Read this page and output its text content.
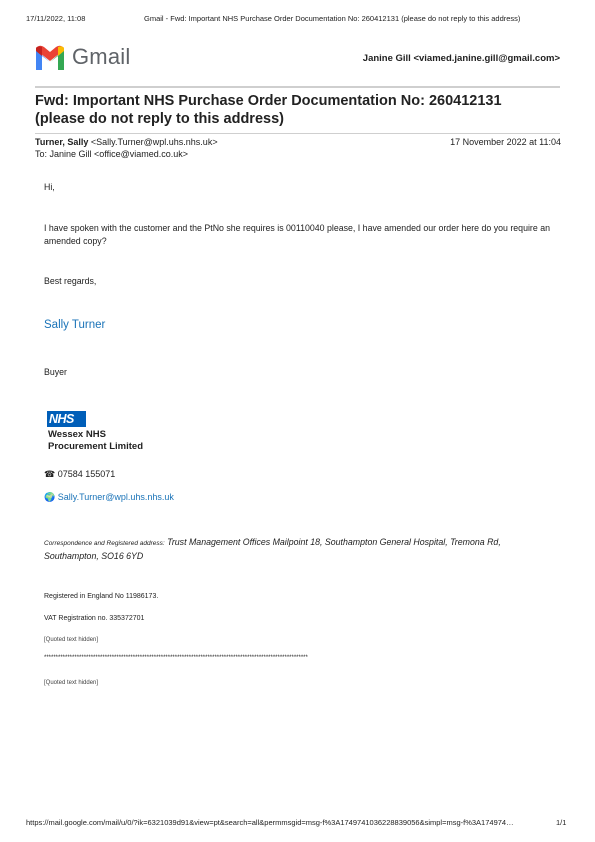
17/11/2022, 11:08	Gmail - Fwd: Important NHS Purchase Order Documentation No: 260412131 (please do not reply to this address)
Gmail	Janine Gill <viamed.janine.gill@gmail.com>
Fwd: Important NHS Purchase Order Documentation No: 260412131 (please do not reply to this address)
Turner, Sally <Sally.Turner@wpl.uhs.nhs.uk>	17 November 2022 at 11:04
To: Janine Gill <office@viamed.co.uk>
Hi,
I have spoken with the customer and the PtNo she requires is 00110040 please, I have amended our order here do you require an amended copy?
Best regards,
Sally Turner
Buyer
NHS
Wessex NHS
Procurement Limited
☎ 07584 155071
🌍 Sally.Turner@wpl.uhs.nhs.uk
Correspondence and Registered address: Trust Management Offices Mailpoint 18, Southampton General Hospital, Tremona Rd, Southampton, SO16 6YD
Registered in England No 11986173.
VAT Registration no. 335372701
[Quoted text hidden]
*****************************************************************************************************************
[Quoted text hidden]
https://mail.google.com/mail/u/0/?ik=6321039d91&view=pt&search=all&permmsgid=msg-f%3A1749741036228839056&simpl=msg-f%3A174974…	1/1
